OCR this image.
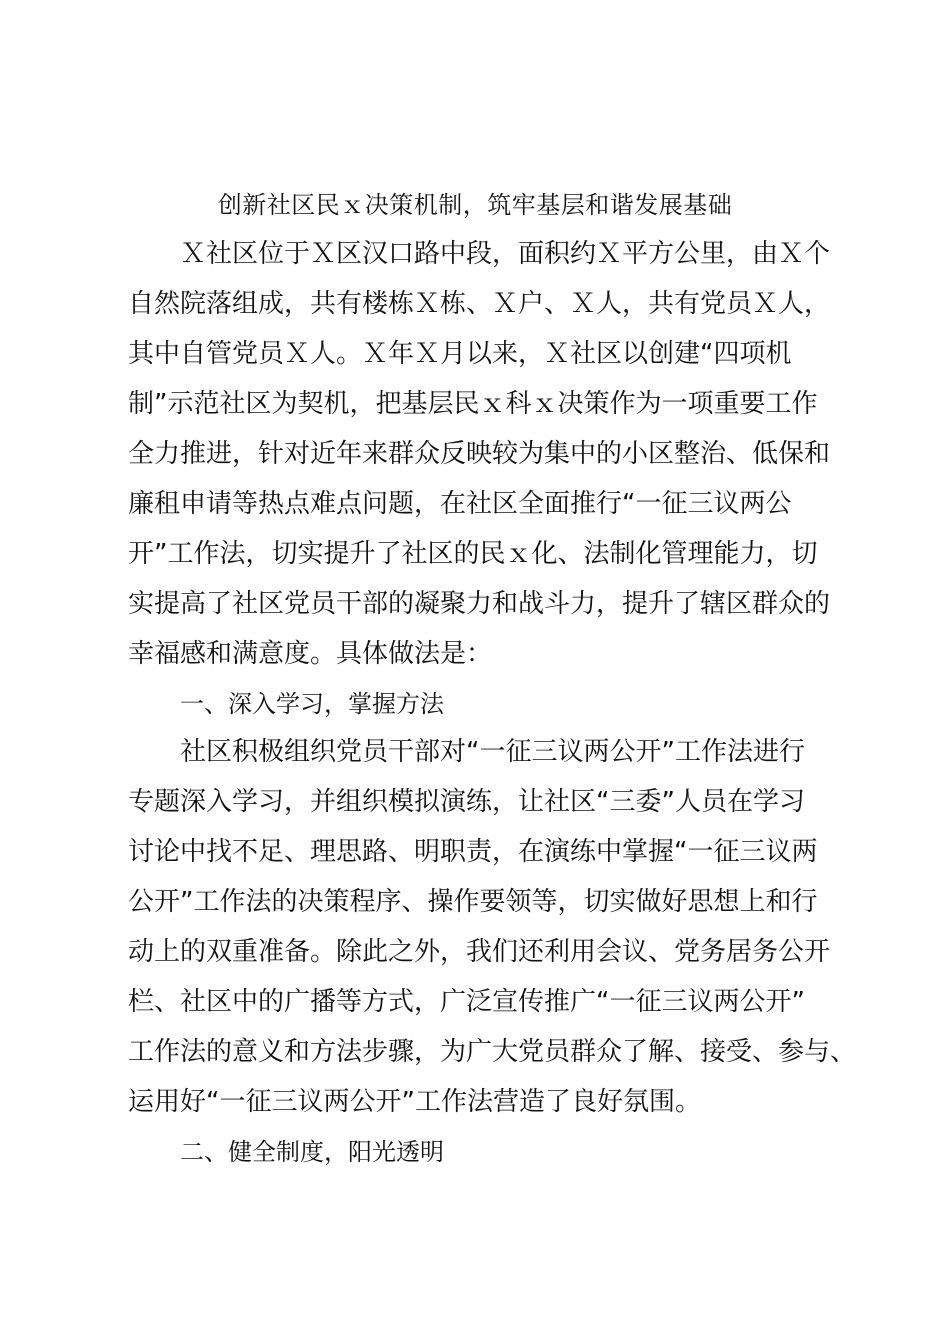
创新社区民ｘ决策机制，筑牢基层和谐发展基础
Ｘ社区位于Ｘ区汉口路中段，面积约Ｘ平方公里，由Ｘ个
自然院落组成，共有楼栋Ｘ栋、Ｘ户、Ｘ人，共有党员Ｘ人，
其中自管党员Ｘ人。Ｘ年Ｘ月以来，Ｘ社区以创建“四项机
制”示范社区为契机，把基层民ｘ科ｘ决策作为一项重要工作
全力推进，针对近年来群众反映较为集中的小区整治、低保和
廉租申请等热点难点问题，在社区全面推行“一征三议两公
开”工作法，切实提升了社区的民ｘ化、法制化管理能力，切
实提高了社区党员干部的凝聚力和战斗力，提升了辖区群众的
幸福感和满意度。具体做法是：
一、深入学习，掌握方法
社区积极组织党员干部对“一征三议两公开”工作法进行
专题深入学习，并组织模拟演练，让社区“三委”人员在学习
讨论中找不足、理思路、明职责，在演练中掌握“一征三议两
公开”工作法的决策程序、操作要领等，切实做好思想上和行
动上的双重准备。除此之外，我们还利用会议、党务居务公开
栏、社区中的广播等方式，广泛宣传推广“一征三议两公开”
工作法的意义和方法步骤，为广大党员群众了解、接受、参与、
运用好“一征三议两公开”工作法营造了良好氛围。
二、健全制度，阳光透明
